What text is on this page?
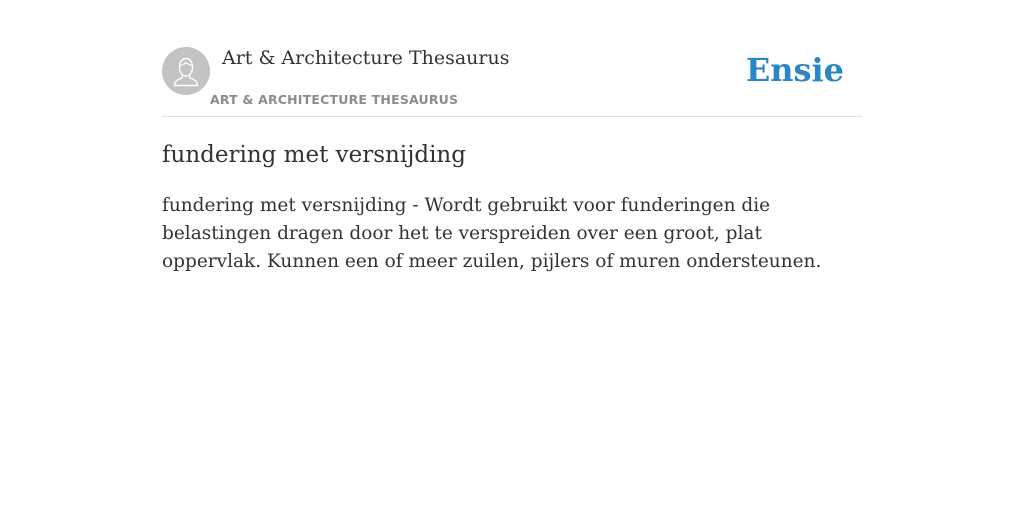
Art & Architecture Thesaurus
ART & ARCHITECTURE THESAURUS
Ensie
fundering met versnijding

fundering met versnijding - Wordt gebruikt voor funderingen die belastingen dragen door het te verspreiden over een groot, plat oppervlak. Kunnen een of meer zuilen, pijlers of muren ondersteunen.
